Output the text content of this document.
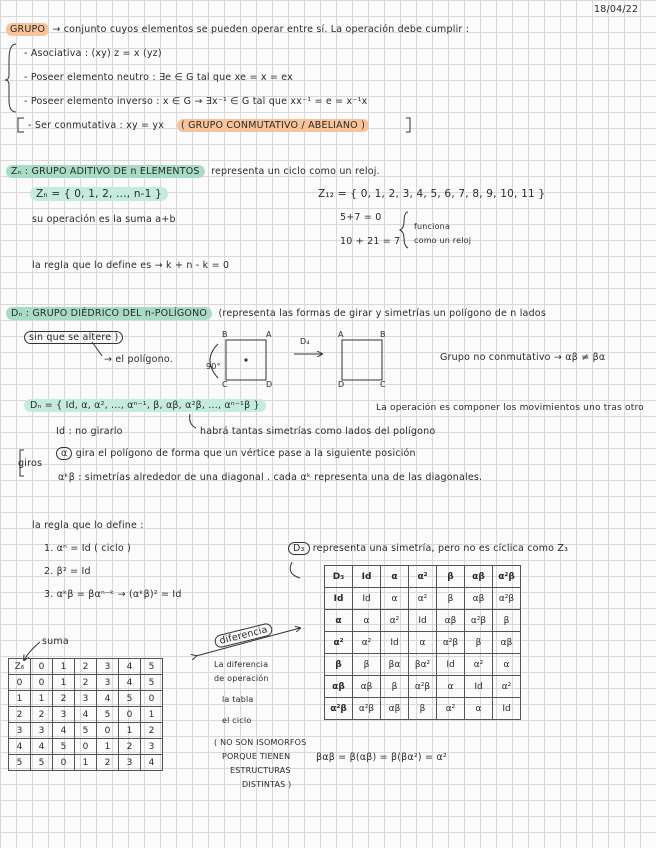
18/04/22
GRUPO → conjunto cuyos elementos se pueden operar entre sí. La operación debe cumplir :
- Asociativa : (xy) z = x (yz)
- Poseer elemento neutro : ∃e ∈ G tal que xe = x = ex
- Poseer elemento inverso : x ∈ G → ∃x⁻¹ ∈ G tal que xx⁻¹ = e = x⁻¹x
- Ser conmutativa : xy = yx ( GRUPO CONMUTATIVO / ABELIANO )
Zₙ : GRUPO ADITIVO DE n ELEMENTOS representa un ciclo como un reloj.
Zₙ = { 0, 1, 2, ..., n-1 }	Z₁₂ = { 0, 1, 2, 3, 4, 5, 6, 7, 8, 9, 10, 11 }
su operación es la suma a+b	5+7 = 0
10 + 21 = 7
funciona
como un reloj
la regla que lo define es → k + n - k = 0
Dₙ : GRUPO DIÉDRICO DEL n-POLÍGONO (representa las formas de girar y simetrías un polígono de n lados
sin que se altere )
→ el polígono.
90°
D₄
B	A
C	D
A	B
D	C
Grupo no conmutativo → αβ ≠ βα
Dₙ = { Id, α, α², ..., αⁿ⁻¹, β, αβ, α²β, ..., αⁿ⁻¹β }	La operación es componer los movimientos uno tras otro
Id : no girarlo	habrá tantas simetrías como lados del polígono
giros
α gira el polígono de forma que un vértice pase a la siguiente posición
αᵏβ : simetrías alrededor de una diagonal . cada αᵏ representa una de las diagonales.
la regla que lo define :
1. αⁿ = Id ( ciclo )
2. β² = Id
3. αᵏβ = βαⁿ⁻ᵏ → (αᵏβ)² = Id
D₃ representa una simetría, pero no es cíclica como Z₃
D₃	Id	α	α²	β	αβ	α²β
Id	Id	α	α²	β	αβ	α²β
α	α	α²	Id	αβ	α²β	β
α²	α²	Id	α	α²β	β	αβ
β	β	βα	βα²	Id	α²	α
αβ	αβ	β	α²β	α	Id	α²
α²β	α²β	αβ	β	α²	α	Id
βαβ = β(αβ) = β(βα²) = α²
suma
Z₆	0	1	2	3	4	5
0	0	1	2	3	4	5
1	1	2	3	4	5	0
2	2	3	4	5	0	1
3	3	4	5	0	1	2
4	4	5	0	1	2	3
5	5	0	1	2	3	4
diferencia
La diferencia
de operación
la tabla
el ciclo
( NO SON ISOMORFOS
PORQUE TIENEN
ESTRUCTURAS
DISTINTAS )
